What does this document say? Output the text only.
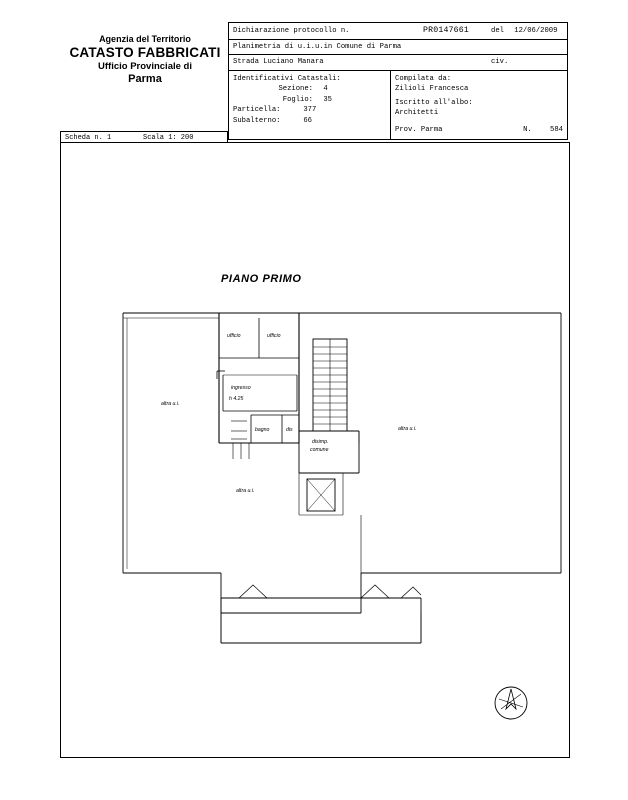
Agenzia del Territorio
CATASTO FABBRICATI
Ufficio Provinciale di
Parma
Dichiarazione protocollo n.	PR0147661	del 12/06/2009
Planimetria di u.i.u.in Comune di Parma
Strada Luciano Manara	civ.
Identificativi Catastali:
Sezione: 4
Foglio: 35
Particella:	377
Subalterno:	66
Compilata da:
Zilioli Francesca
Iscritto all'albo:
Architetti
Prov. Parma	N.	584
Scheda n. 1	Scala 1: 200
PIANO PRIMO
altra u.i.
altra u.i.
altra u.i.
ufficio	ufficio
ingresso
h 4.25
bagno	dis
disimp.
comune
